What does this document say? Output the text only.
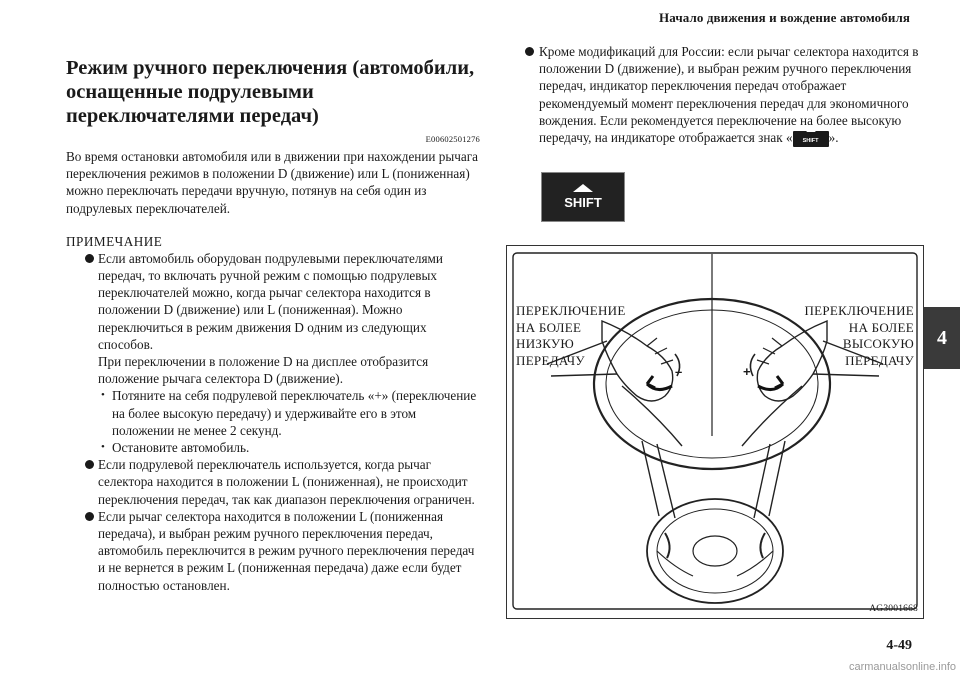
Начало движения и вождение автомобиля
4
Режим ручного переключения (автомобили, оснащенные подрулевыми переключателями передач)
E00602501276
Во время остановки автомобиля или в движении при нахождении рычага переключения режимов в положении D (движение) или L (пониженная) можно переключать передачи вручную, потянув на себя один из подрулевых переключателей.
ПРИМЕЧАНИЕ
Если автомобиль оборудован подрулевыми переключателями передач, то включать ручной режим с помощью подрулевых переключателей можно, когда рычаг селектора находится в положении D (движение) или L (пониженная). Можно переключиться в режим движения D одним из следующих способов.
При переключении в положение D на дисплее отобразится положение рычага селектора D (движение).
• Потяните на себя подрулевой переключатель «+» (переключение на более высокую передачу) и удерживайте его в этом положении не менее 2 секунд.
• Остановите автомобиль.
Если подрулевой переключатель используется, когда рычаг селектора находится в положении L (пониженная), не происходит переключения передач, так как диапазон переключения ограничен.
Если рычаг селектора находится в положении L (пониженная передача), и выбран режим ручного переключения передач, автомобиль переключится в режим ручного переключения передач и не вернется в режим L (пониженная передача) даже если будет полностью остановлен.
Кроме модификаций для России: если рычаг селектора находится в положении D (движение), и выбран режим ручного переключения передач, индикатор переключения передач отображает рекомендуемый момент переключения передач для экономичного вождения. Если рекомендуется переключение на более высокую передачу, на индикаторе отображается знак « SHIFT ».
SHIFT
ПЕРЕКЛЮЧЕНИЕ
НА БОЛЕЕ
НИЗКУЮ
ПЕРЕДАЧУ
ПЕРЕКЛЮЧЕНИЕ
НА БОЛЕЕ
ВЫСОКУЮ
ПЕРЕДАЧУ
–	+
AG3001668
4-49
carmanualsonline.info
